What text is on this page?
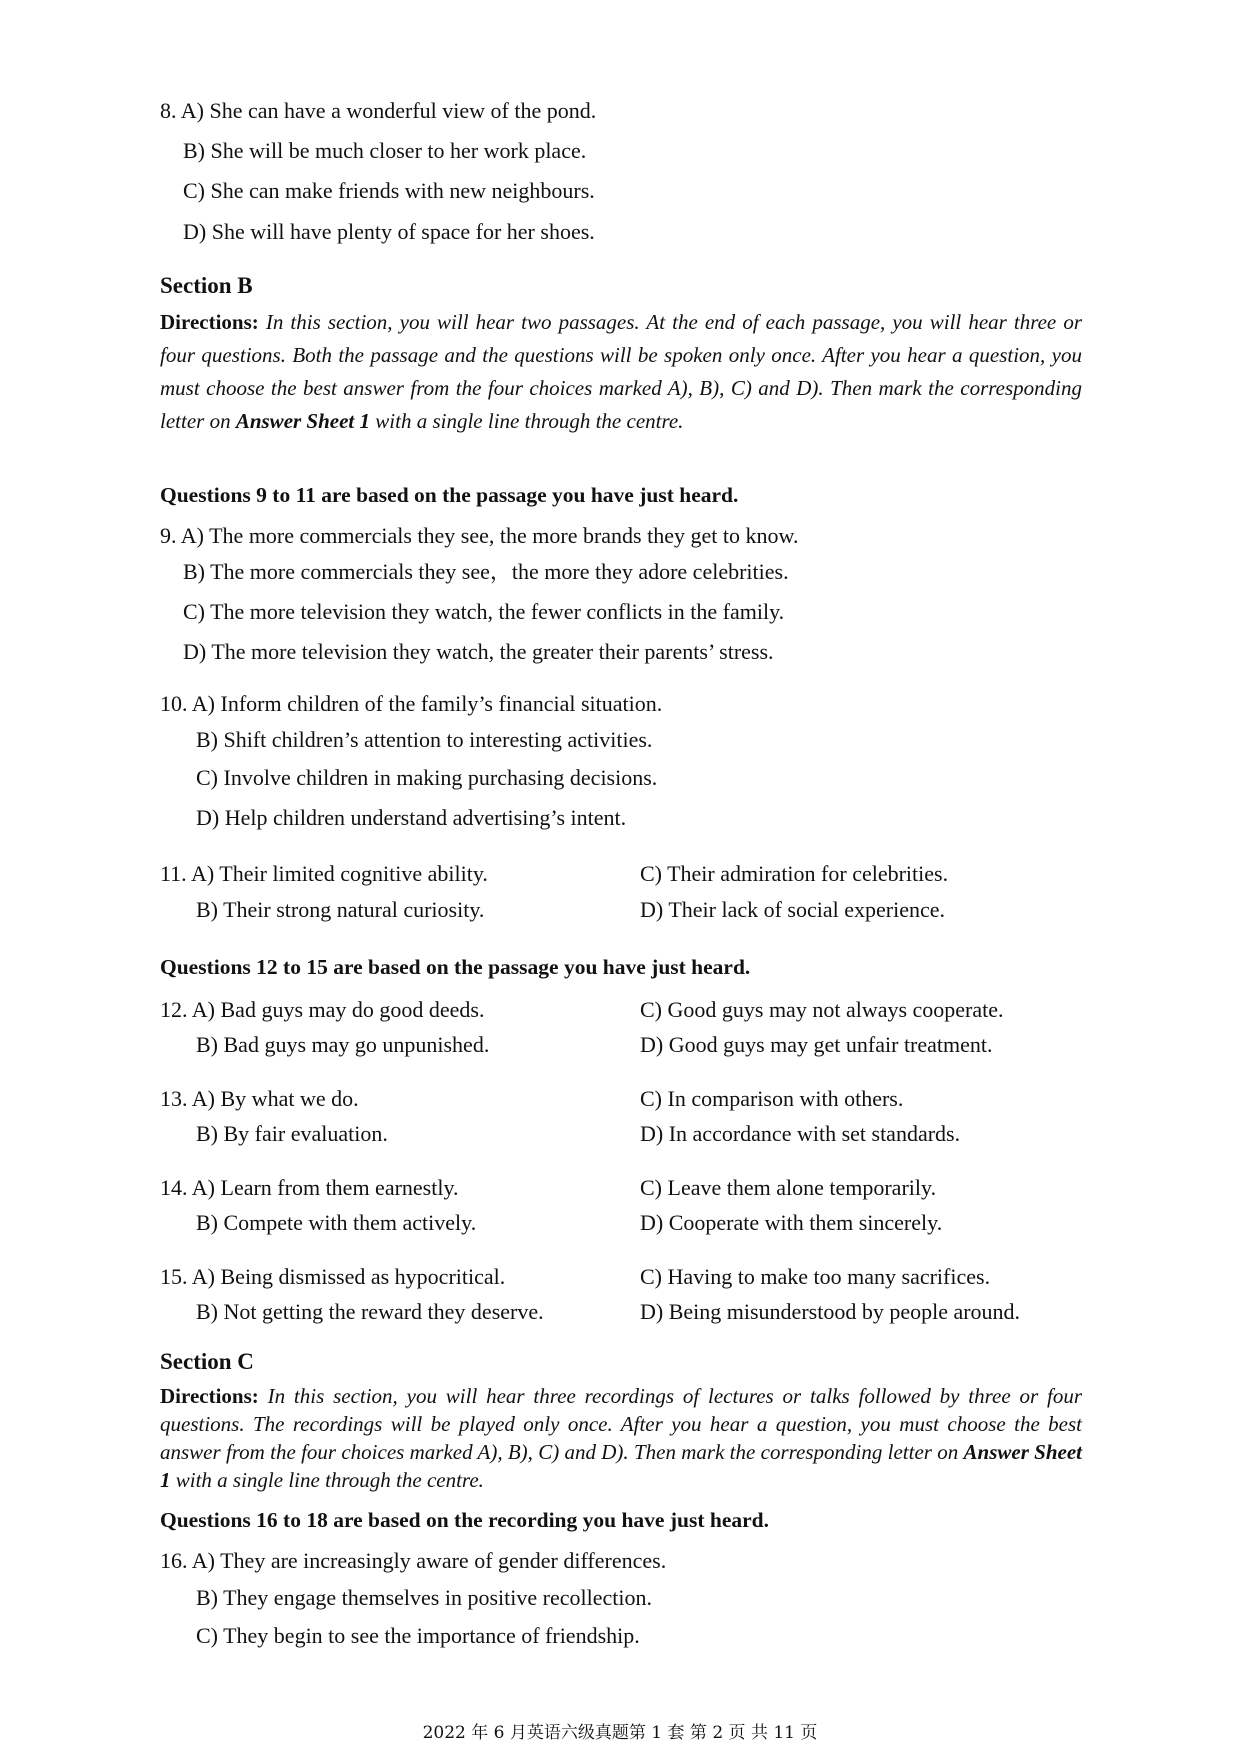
8. A) She can have a wonderful view of the pond.
B) She will be much closer to her work place.
C) She can make friends with new neighbours.
D) She will have plenty of space for her shoes.
Section B
Directions: In this section, you will hear two passages. At the end of each passage, you will hear three or four questions. Both the passage and the questions will be spoken only once. After you hear a question, you must choose the best answer from the four choices marked A), B), C) and D). Then mark the corresponding letter on Answer Sheet 1 with a single line through the centre.
Questions 9 to 11 are based on the passage you have just heard.
9. A) The more commercials they see, the more brands they get to know.
B) The more commercials they see，the more they adore celebrities.
C) The more television they watch, the fewer conflicts in the family.
D) The more television they watch, the greater their parents’ stress.
10. A) Inform children of the family’s financial situation.
B) Shift children’s attention to interesting activities.
C) Involve children in making purchasing decisions.
D) Help children understand advertising’s intent.
11. A) Their limited cognitive ability.
B) Their strong natural curiosity.
C) Their admiration for celebrities.
D) Their lack of social experience.
Questions 12 to 15 are based on the passage you have just heard.
12. A) Bad guys may do good deeds.
B) Bad guys may go unpunished.
C) Good guys may not always cooperate.
D) Good guys may get unfair treatment.
13. A) By what we do.
B) By fair evaluation.
C) In comparison with others.
D) In accordance with set standards.
14. A) Learn from them earnestly.
B) Compete with them actively.
C) Leave them alone temporarily.
D) Cooperate with them sincerely.
15. A) Being dismissed as hypocritical.
B) Not getting the reward they deserve.
C) Having to make too many sacrifices.
D) Being misunderstood by people around.
Section C
Directions: In this section, you will hear three recordings of lectures or talks followed by three or four questions. The recordings will be played only once. After you hear a question, you must choose the best answer from the four choices marked A), B), C) and D). Then mark the corresponding letter on Answer Sheet 1 with a single line through the centre.
Questions 16 to 18 are based on the recording you have just heard.
16. A) They are increasingly aware of gender differences.
B) They engage themselves in positive recollection.
C) They begin to see the importance of friendship.
2022 年 6 月英语六级真题第 1 套 第 2 页 共 11 页
